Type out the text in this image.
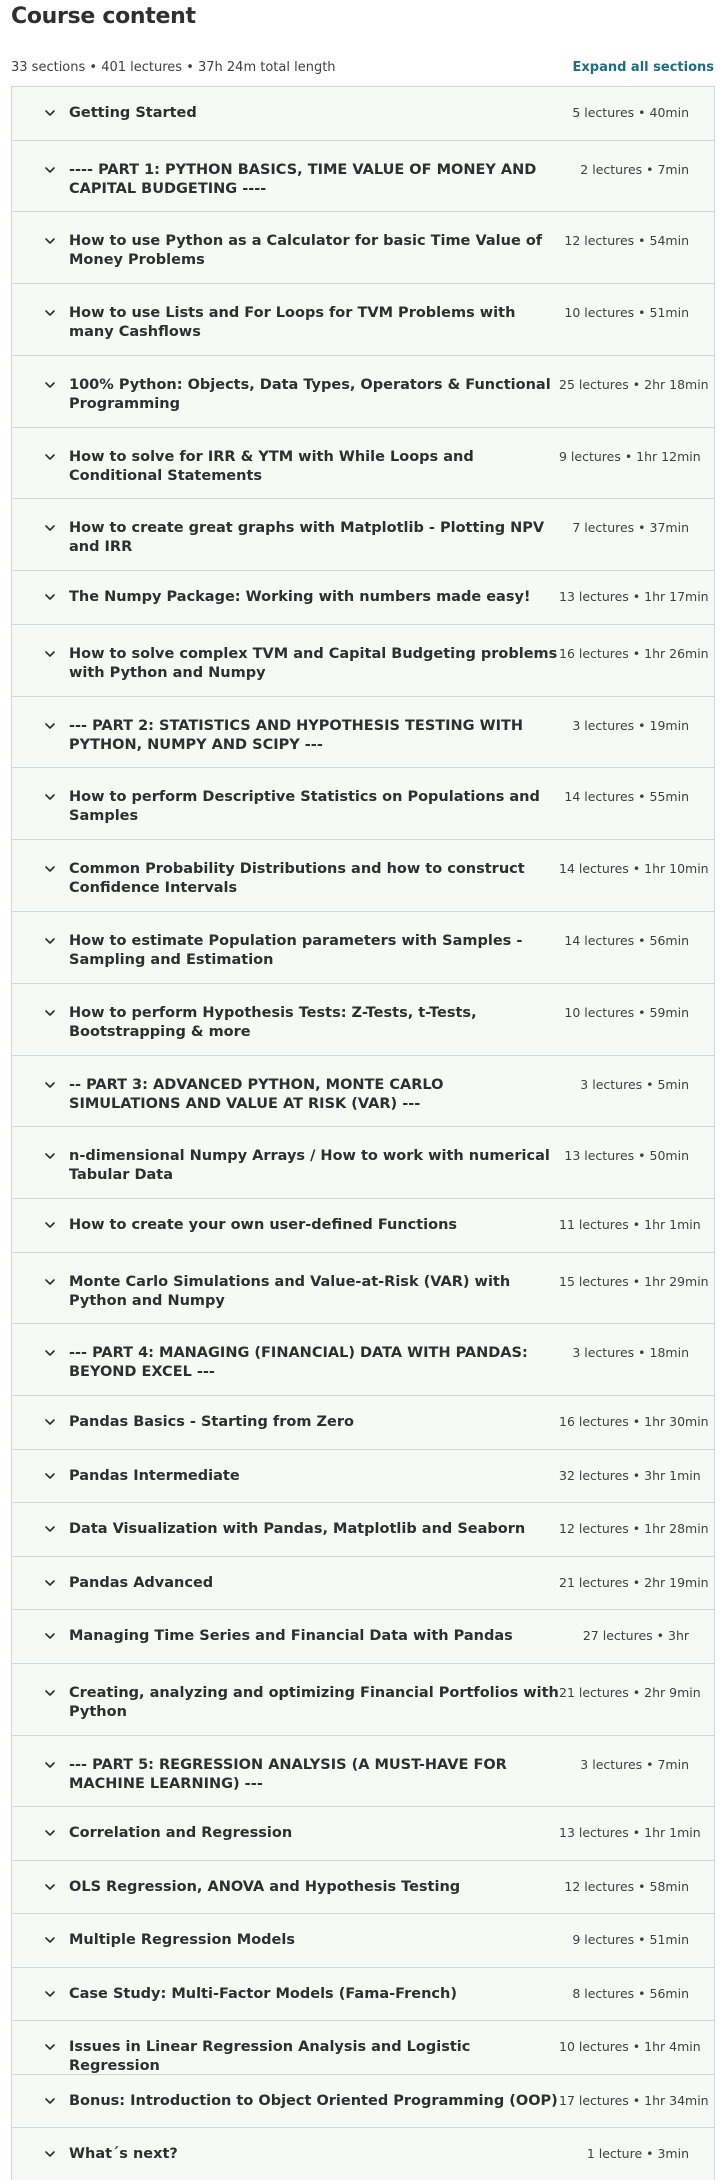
Course content
33 sections • 401 lectures • 37h 24m total length	Expand all sections
Getting Started	5 lectures • 40min
---- PART 1: PYTHON BASICS, TIME VALUE OF MONEY AND CAPITAL BUDGETING ----
2 lectures • 7min
How to use Python as a Calculator for basic Time Value of Money Problems
12 lectures • 54min
How to use Lists and For Loops for TVM Problems with many Cashflows
10 lectures • 51min
100% Python: Objects, Data Types, Operators & Functional Programming
25 lectures • 2hr 18min
How to solve for IRR & YTM with While Loops and Conditional Statements
9 lectures • 1hr 12min
How to create great graphs with Matplotlib - Plotting NPV and IRR
7 lectures • 37min
The Numpy Package: Working with numbers made easy!	13 lectures • 1hr 17min
How to solve complex TVM and Capital Budgeting problems with Python and Numpy
16 lectures • 1hr 26min
--- PART 2: STATISTICS AND HYPOTHESIS TESTING WITH PYTHON, NUMPY AND SCIPY ---
3 lectures • 19min
How to perform Descriptive Statistics on Populations and Samples
14 lectures • 55min
Common Probability Distributions and how to construct Confidence Intervals
14 lectures • 1hr 10min
How to estimate Population parameters with Samples - Sampling and Estimation
14 lectures • 56min
How to perform Hypothesis Tests: Z-Tests, t-Tests, Bootstrapping & more
10 lectures • 59min
-- PART 3: ADVANCED PYTHON, MONTE CARLO SIMULATIONS AND VALUE AT RISK (VAR) ---
3 lectures • 5min
n-dimensional Numpy Arrays / How to work with numerical Tabular Data
13 lectures • 50min
How to create your own user-defined Functions	11 lectures • 1hr 1min
Monte Carlo Simulations and Value-at-Risk (VAR) with Python and Numpy
15 lectures • 1hr 29min
--- PART 4: MANAGING (FINANCIAL) DATA WITH PANDAS: BEYOND EXCEL ---
3 lectures • 18min
Pandas Basics - Starting from Zero	16 lectures • 1hr 30min
Pandas Intermediate	32 lectures • 3hr 1min
Data Visualization with Pandas, Matplotlib and Seaborn	12 lectures • 1hr 28min
Pandas Advanced	21 lectures • 2hr 19min
Managing Time Series and Financial Data with Pandas	27 lectures • 3hr
Creating, analyzing and optimizing Financial Portfolios with Python
21 lectures • 2hr 9min
--- PART 5: REGRESSION ANALYSIS (A MUST-HAVE FOR MACHINE LEARNING) ---
3 lectures • 7min
Correlation and Regression	13 lectures • 1hr 1min
OLS Regression, ANOVA and Hypothesis Testing	12 lectures • 58min
Multiple Regression Models	9 lectures • 51min
Case Study: Multi-Factor Models (Fama-French)	8 lectures • 56min
Issues in Linear Regression Analysis and Logistic Regression
10 lectures • 1hr 4min
Bonus: Introduction to Object Oriented Programming (OOP) 17 lectures • 1hr 34min
What´s next?	1 lecture • 3min
